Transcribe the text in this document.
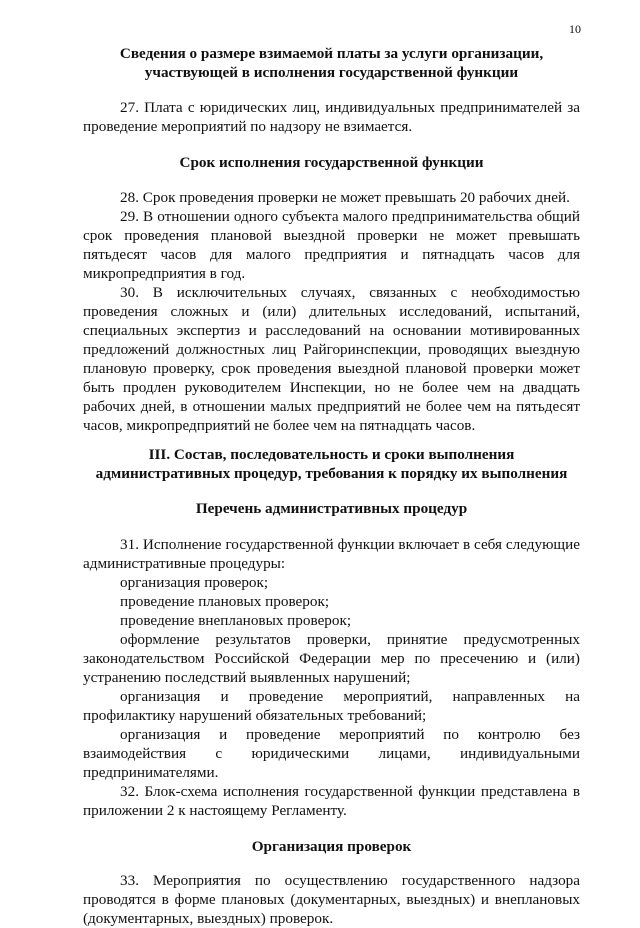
10
Сведения о размере взимаемой платы за услуги организации,
участвующей в исполнения государственной функции

27. Плата с юридических лиц, индивидуальных предпринимателей за проведение мероприятий по надзору не взимается.

Срок исполнения государственной функции

28. Срок проведения проверки не может превышать 20 рабочих дней.

29. В отношении одного субъекта малого предпринимательства общий срок проведения плановой выездной проверки не может превышать пятьдесят часов для малого предприятия и пятнадцать часов для микропредприятия в год.

30. В исключительных случаях, связанных с необходимостью проведения сложных и (или) длительных исследований, испытаний, специальных экспертиз и расследований на основании мотивированных предложений должностных лиц Райгоринспекции, проводящих выездную плановую проверку, срок проведения выездной плановой проверки может быть продлен руководителем Инспекции, но не более чем на двадцать рабочих дней, в отношении малых предприятий не более чем на пятьдесят часов, микропредприятий не более чем на пятнадцать часов.

III. Состав, последовательность и сроки выполнения
административных процедур, требования к порядку их выполнения
Перечень административных процедур

31. Исполнение государственной функции включает в себя следующие административные процедуры:

организация проверок;

проведение плановых проверок;

проведение внеплановых проверок;

оформление результатов проверки, принятие предусмотренных законодательством Российской Федерации мер по пресечению и (или) устранению последствий выявленных нарушений;

организация и проведение мероприятий, направленных на профилактику нарушений обязательных требований;

организация и проведение мероприятий по контролю без взаимодействия с юридическими лицами, индивидуальными предпринимателями.

32. Блок-схема исполнения государственной функции представлена в приложении 2 к настоящему Регламенту.

Организация проверок

33. Мероприятия по осуществлению государственного надзора проводятся в форме плановых (документарных, выездных) и внеплановых (документарных, выездных) проверок.
